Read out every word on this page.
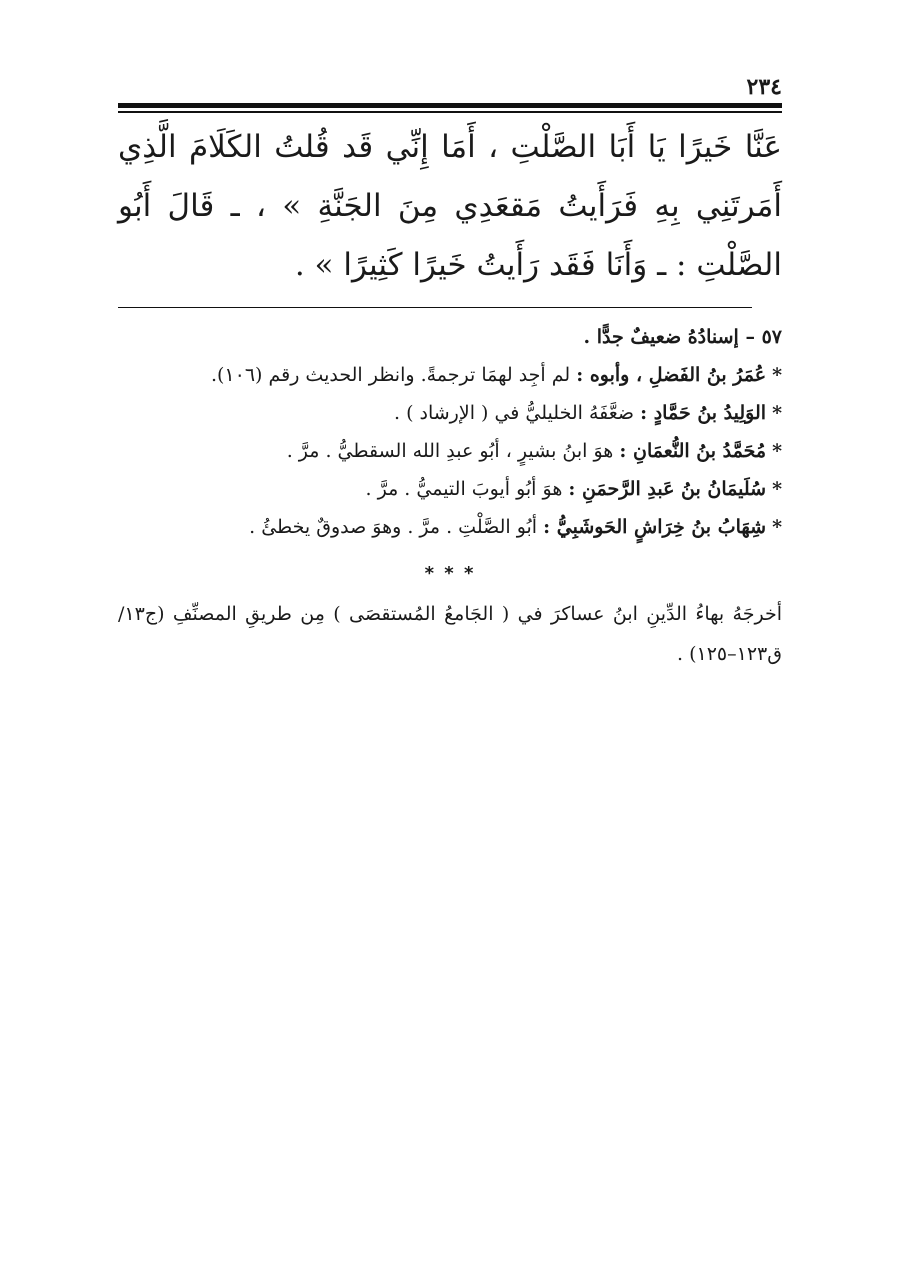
٢٣٤
عَنَّا خَيرًا يَا أَبَا الصَّلْتِ ، أَمَا إِنِّي قَد قُلتُ الكَلَامَ الَّذِي أَمَرتَنِي بِهِ فَرَأَيتُ مَقعَدِي مِنَ الجَنَّةِ » ، ـ قَالَ أَبُو الصَّلْتِ : ـ وَأَنَا فَقَد رَأَيتُ خَيرًا كَثِيرًا » .
٥٧ – إسنادُهُ ضعيفٌ جدًّا .
*عُمَرُ بنُ الفَضلِ ، وأبوه : لم أجِد لهمَا ترجمةً. وانظر الحديث رقم (١٠٦).
*الوَلِيدُ بنُ حَمَّادٍ : ضعَّفَهُ الخليليُّ في ( الإرشاد ) .
*مُحَمَّدُ بنُ النُّعمَانِ : هوَ ابنُ بشيرٍ ، أبُو عبدِ الله السقطيُّ . مرَّ .
*سُلَيمَانُ بنُ عَبدِ الرَّحمَنِ : هوَ أبُو أيوبَ التيميُّ . مرَّ .
*شِهَابُ بنُ خِرَاشٍ الحَوشَبِيُّ : أبُو الصَّلْتِ . مرَّ . وهوَ صدوقٌ يخطئُ .
* * *
أخرجَهُ بهاءُ الدِّينِ ابنُ عساكرَ في ( الجَامعُ المُستقصَى ) مِن طريقِ المصنِّفِ (ج١٣/ ق١٢٣–١٢٥) .
